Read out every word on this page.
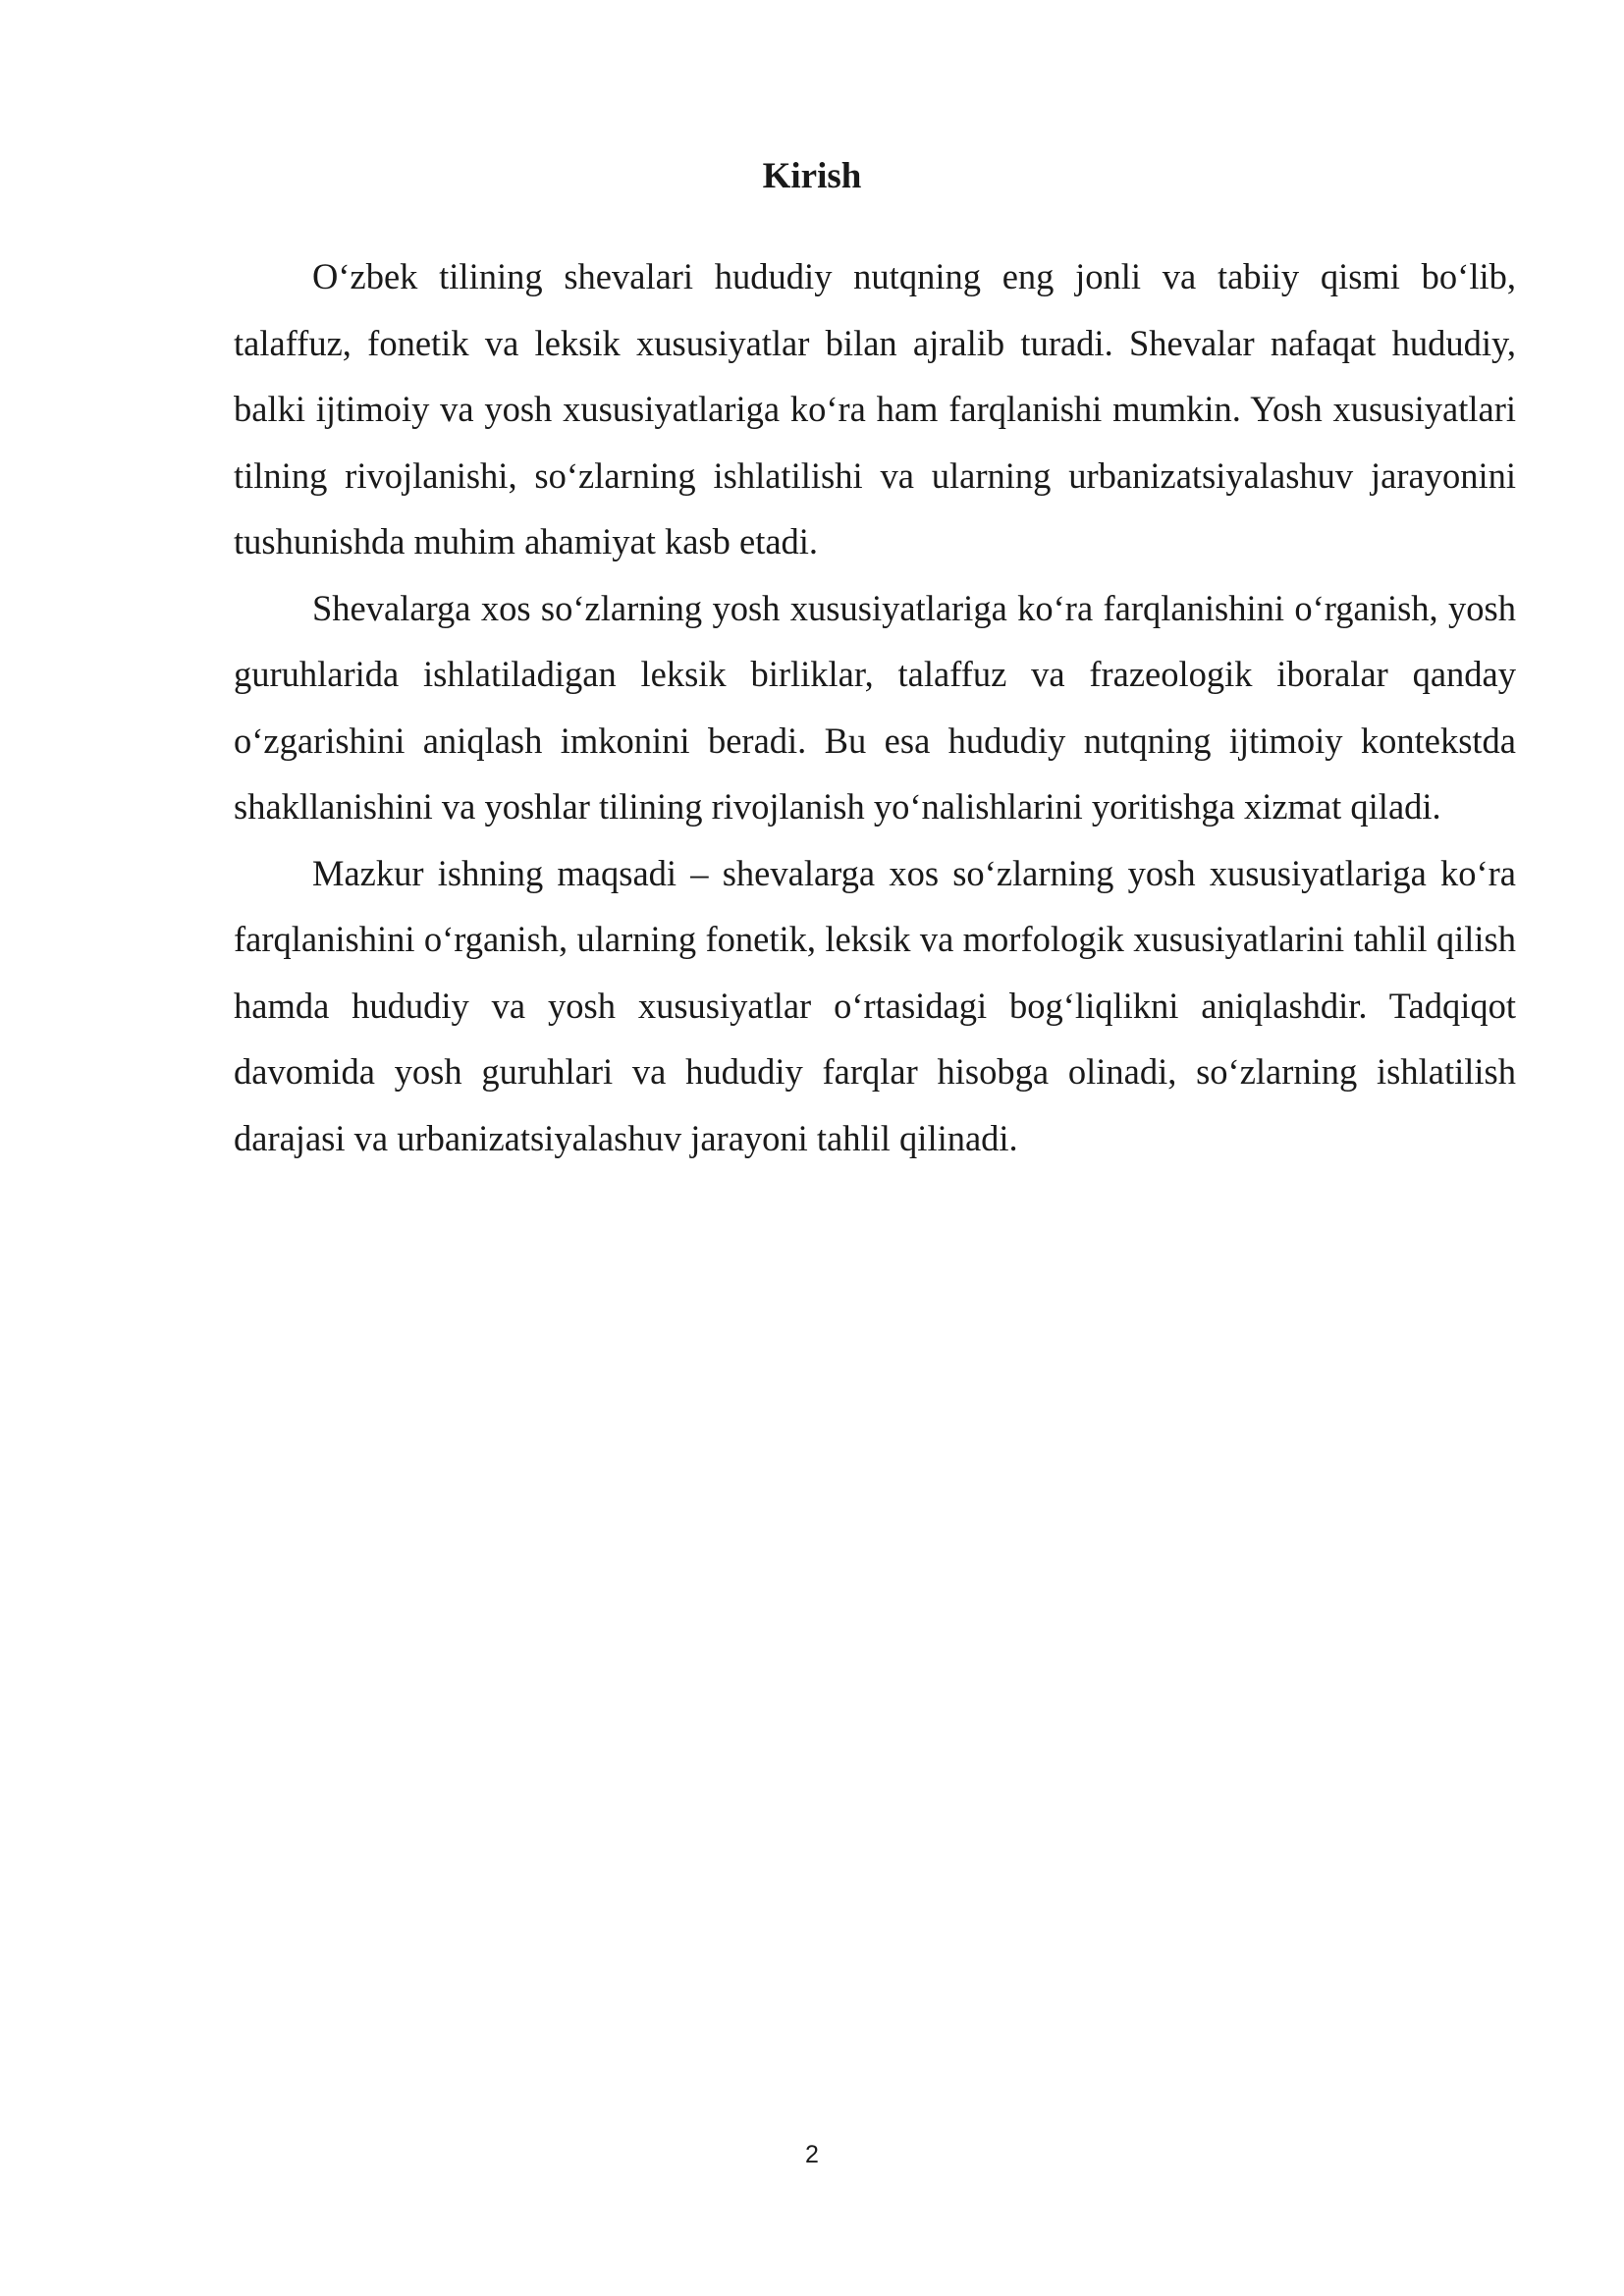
Kirish

O‘zbek tilining shevalari hududiy nutqning eng jonli va tabiiy qismi bo‘lib, talaffuz, fonetik va leksik xususiyatlar bilan ajralib turadi. Shevalar nafaqat hududiy, balki ijtimoiy va yosh xususiyatlariga ko‘ra ham farqlanishi mumkin. Yosh xususiyatlari tilning rivojlanishi, so‘zlarning ishlatilishi va ularning urbanizatsiyalashuv jarayonini tushunishda muhim ahamiyat kasb etadi.

Shevalarga xos so‘zlarning yosh xususiyatlariga ko‘ra farqlanishini o‘rganish, yosh guruhlarida ishlatiladigan leksik birliklar, talaffuz va frazeologik iboralar qanday o‘zgarishini aniqlash imkonini beradi. Bu esa hududiy nutqning ijtimoiy kontekstda shakllanishini va yoshlar tilining rivojlanish yo‘nalishlarini yoritishga xizmat qiladi.

Mazkur ishning maqsadi – shevalarga xos so‘zlarning yosh xususiyatlariga ko‘ra farqlanishini o‘rganish, ularning fonetik, leksik va morfologik xususiyatlarini tahlil qilish hamda hududiy va yosh xususiyatlar o‘rtasidagi bog‘liqlikni aniqlashdir. Tadqiqot davomida yosh guruhlari va hududiy farqlar hisobga olinadi, so‘zlarning ishlatilish darajasi va urbanizatsiyalashuv jarayoni tahlil qilinadi.

2
